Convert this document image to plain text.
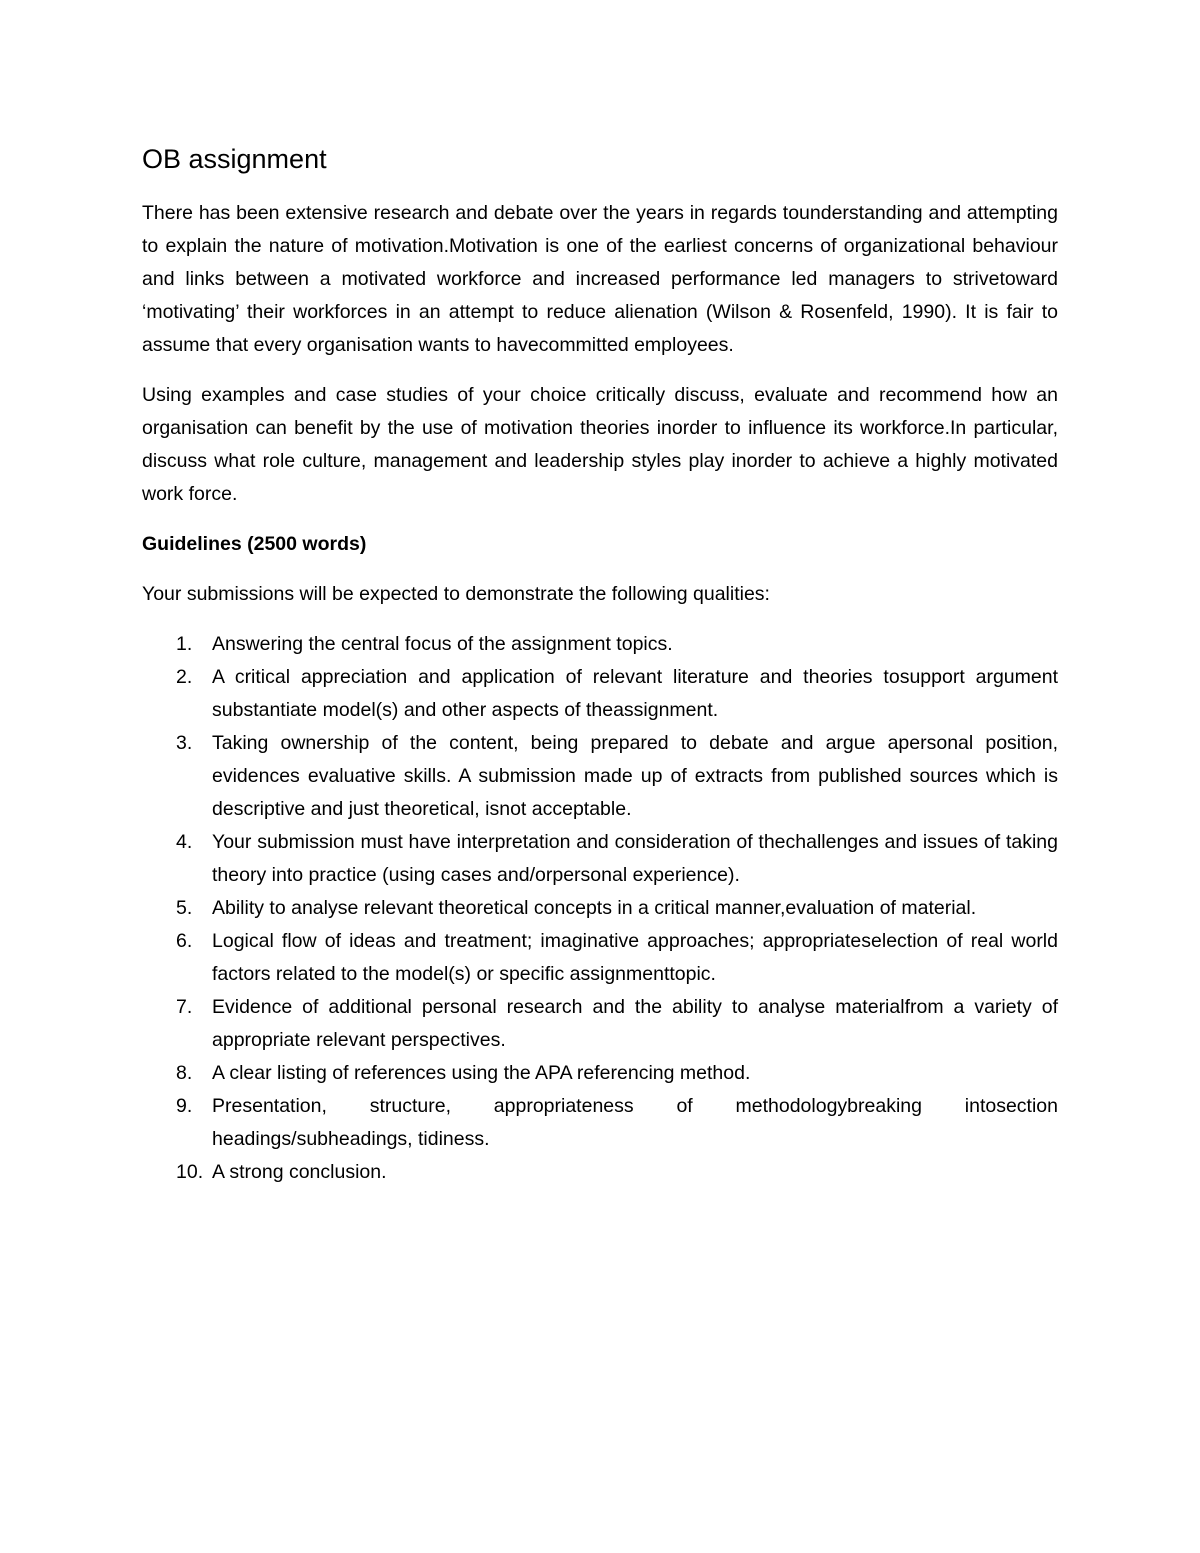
OB assignment

There has been extensive research and debate over the years in regards tounderstanding and attempting to explain the nature of motivation.Motivation is one of the earliest concerns of organizational behaviour and links between a motivated workforce and increased performance led managers to strivetoward ‘motivating’ their workforces in an attempt to reduce alienation (Wilson & Rosenfeld, 1990). It is fair to assume that every organisation wants to havecommitted employees.

Using examples and case studies of your choice critically discuss, evaluate and recommend how an organisation can benefit by the use of motivation theories inorder to influence its workforce.In particular, discuss what role culture, management and leadership styles play inorder to achieve a highly motivated work force.

Guidelines (2500 words)

Your submissions will be expected to demonstrate the following qualities:

1.	Answering the central focus of the assignment topics.
2.	A critical appreciation and application of relevant literature and theories tosupport argument substantiate model(s) and other aspects of theassignment.
3.	Taking ownership of the content, being prepared to debate and argue apersonal position, evidences evaluative skills. A submission made up of extracts from published sources which is descriptive and just theoretical, isnot acceptable.
4.	Your submission must have interpretation and consideration of thechallenges and issues of taking theory into practice (using cases and/orpersonal experience).
5.	Ability to analyse relevant theoretical concepts in a critical manner,evaluation of material.
6.	Logical flow of ideas and treatment; imaginative approaches; appropriateselection of real world factors related to the model(s) or specific assignmenttopic.
7.	Evidence of additional personal research and the ability to analyse materialfrom a variety of appropriate relevant perspectives.
8.	A clear listing of references using the APA referencing method.
9.	Presentation, structure, appropriateness of methodologybreaking intosection headings/subheadings, tidiness.
10. A strong conclusion.
